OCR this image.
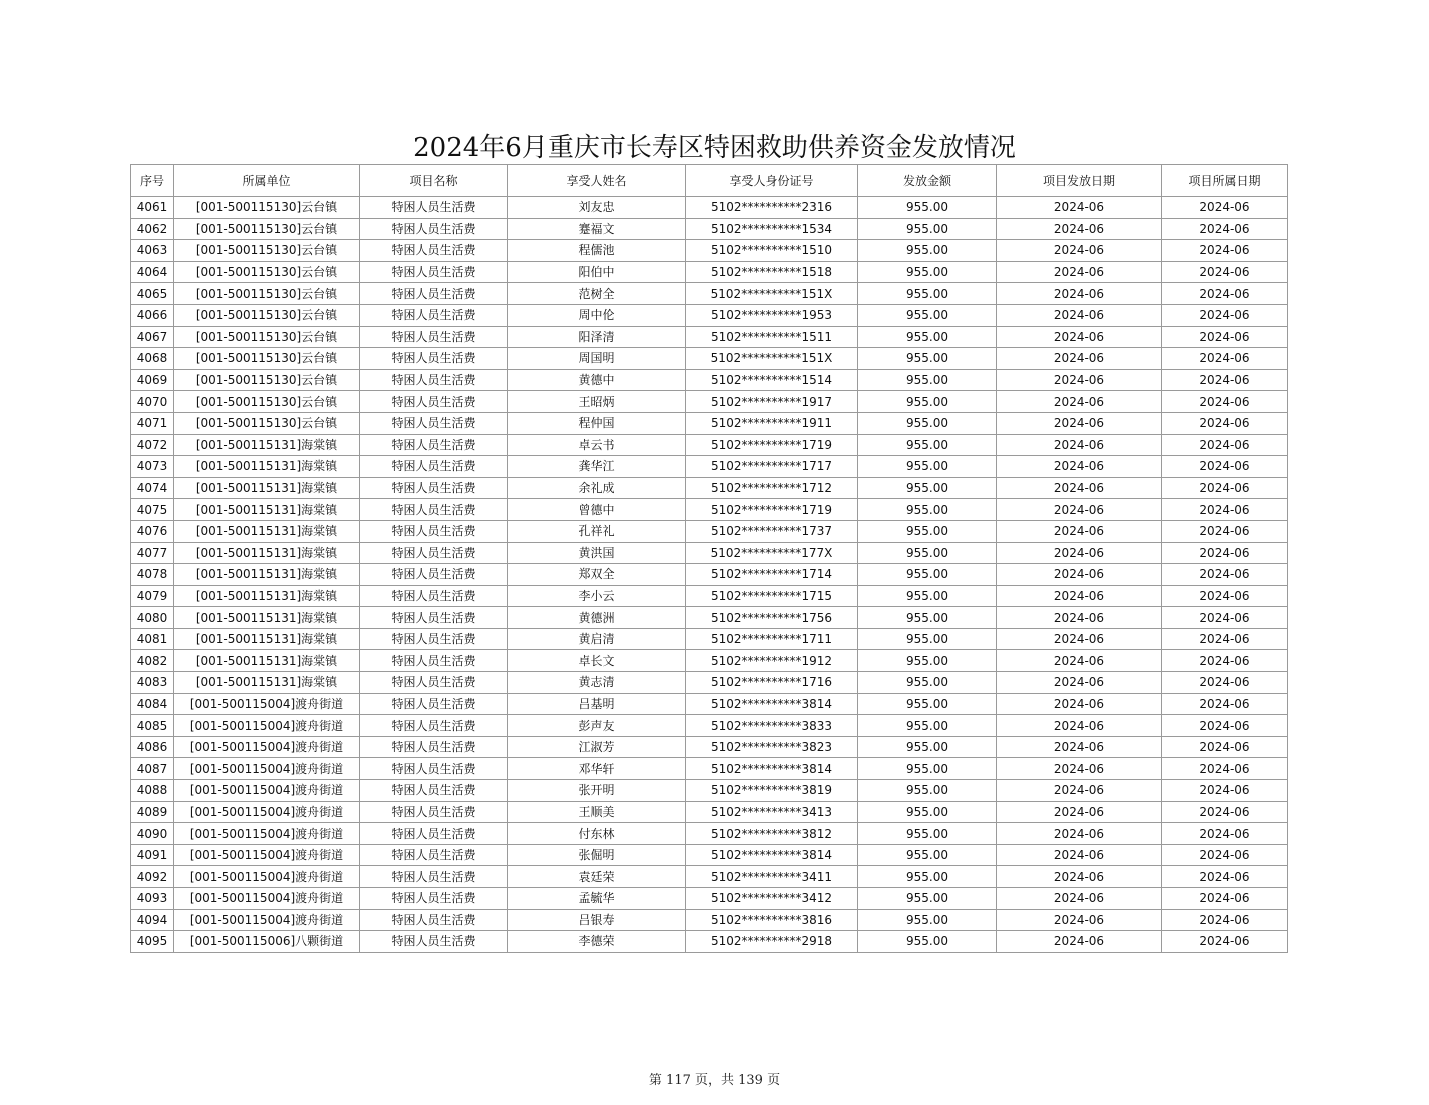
2024年6月重庆市长寿区特困救助供养资金发放情况
序号	所属单位	项目名称	享受人姓名	享受人身份证号	发放金额	项目发放日期	项目所属日期
4061	[001-500115130]云台镇	特困人员生活费	刘友忠	5102**********2316	955.00	2024-06	2024-06
4062	[001-500115130]云台镇	特困人员生活费	蹇福文	5102**********1534	955.00	2024-06	2024-06
4063	[001-500115130]云台镇	特困人员生活费	程儒池	5102**********1510	955.00	2024-06	2024-06
4064	[001-500115130]云台镇	特困人员生活费	阳伯中	5102**********1518	955.00	2024-06	2024-06
4065	[001-500115130]云台镇	特困人员生活费	范树全	5102**********151X	955.00	2024-06	2024-06
4066	[001-500115130]云台镇	特困人员生活费	周中伦	5102**********1953	955.00	2024-06	2024-06
4067	[001-500115130]云台镇	特困人员生活费	阳泽清	5102**********1511	955.00	2024-06	2024-06
4068	[001-500115130]云台镇	特困人员生活费	周国明	5102**********151X	955.00	2024-06	2024-06
4069	[001-500115130]云台镇	特困人员生活费	黄德中	5102**********1514	955.00	2024-06	2024-06
4070	[001-500115130]云台镇	特困人员生活费	王昭炳	5102**********1917	955.00	2024-06	2024-06
4071	[001-500115130]云台镇	特困人员生活费	程仲国	5102**********1911	955.00	2024-06	2024-06
4072	[001-500115131]海棠镇	特困人员生活费	卓云书	5102**********1719	955.00	2024-06	2024-06
4073	[001-500115131]海棠镇	特困人员生活费	龚华江	5102**********1717	955.00	2024-06	2024-06
4074	[001-500115131]海棠镇	特困人员生活费	余礼成	5102**********1712	955.00	2024-06	2024-06
4075	[001-500115131]海棠镇	特困人员生活费	曾德中	5102**********1719	955.00	2024-06	2024-06
4076	[001-500115131]海棠镇	特困人员生活费	孔祥礼	5102**********1737	955.00	2024-06	2024-06
4077	[001-500115131]海棠镇	特困人员生活费	黄洪国	5102**********177X	955.00	2024-06	2024-06
4078	[001-500115131]海棠镇	特困人员生活费	郑双全	5102**********1714	955.00	2024-06	2024-06
4079	[001-500115131]海棠镇	特困人员生活费	李小云	5102**********1715	955.00	2024-06	2024-06
4080	[001-500115131]海棠镇	特困人员生活费	黄德洲	5102**********1756	955.00	2024-06	2024-06
4081	[001-500115131]海棠镇	特困人员生活费	黄启清	5102**********1711	955.00	2024-06	2024-06
4082	[001-500115131]海棠镇	特困人员生活费	卓长文	5102**********1912	955.00	2024-06	2024-06
4083	[001-500115131]海棠镇	特困人员生活费	黄志清	5102**********1716	955.00	2024-06	2024-06
4084	[001-500115004]渡舟街道	特困人员生活费	吕基明	5102**********3814	955.00	2024-06	2024-06
4085	[001-500115004]渡舟街道	特困人员生活费	彭声友	5102**********3833	955.00	2024-06	2024-06
4086	[001-500115004]渡舟街道	特困人员生活费	江淑芳	5102**********3823	955.00	2024-06	2024-06
4087	[001-500115004]渡舟街道	特困人员生活费	邓华轩	5102**********3814	955.00	2024-06	2024-06
4088	[001-500115004]渡舟街道	特困人员生活费	张开明	5102**********3819	955.00	2024-06	2024-06
4089	[001-500115004]渡舟街道	特困人员生活费	王顺美	5102**********3413	955.00	2024-06	2024-06
4090	[001-500115004]渡舟街道	特困人员生活费	付东林	5102**********3812	955.00	2024-06	2024-06
4091	[001-500115004]渡舟街道	特困人员生活费	张倔明	5102**********3814	955.00	2024-06	2024-06
4092	[001-500115004]渡舟街道	特困人员生活费	袁廷荣	5102**********3411	955.00	2024-06	2024-06
4093	[001-500115004]渡舟街道	特困人员生活费	孟毓华	5102**********3412	955.00	2024-06	2024-06
4094	[001-500115004]渡舟街道	特困人员生活费	吕银寿	5102**********3816	955.00	2024-06	2024-06
4095	[001-500115006]八颗街道	特困人员生活费	李德荣	5102**********2918	955.00	2024-06	2024-06
第 117 页，共 139 页
